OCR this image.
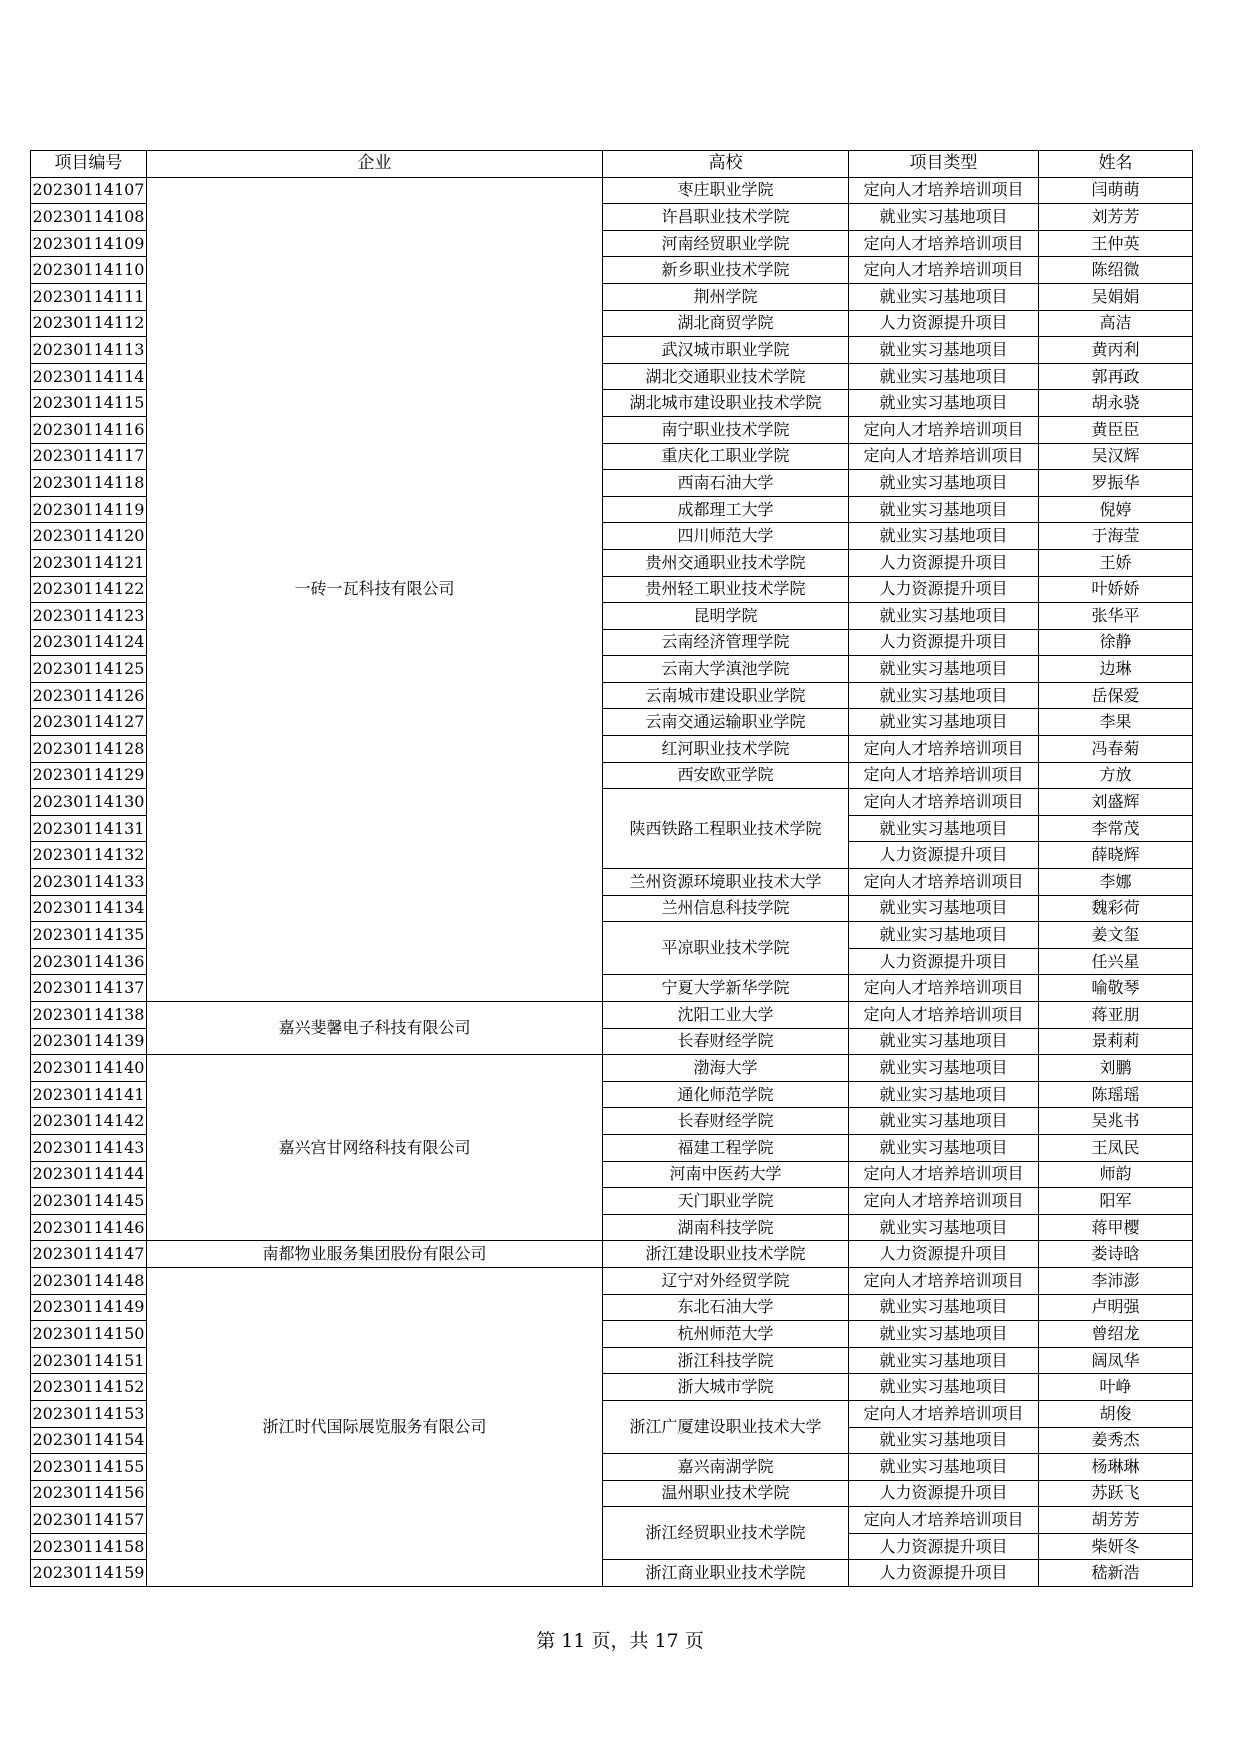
项目编号	企业	高校	项目类型	姓名
20230114107	一砖一瓦科技有限公司	枣庄职业学院	定向人才培养培训项目	闫萌萌
20230114108		许昌职业技术学院	就业实习基地项目	刘芳芳
20230114109		河南经贸职业学院	定向人才培养培训项目	王仲英
20230114110		新乡职业技术学院	定向人才培养培训项目	陈绍微
20230114111		荆州学院	就业实习基地项目	吴娟娟
20230114112		湖北商贸学院	人力资源提升项目	高洁
20230114113		武汉城市职业学院	就业实习基地项目	黄丙利
20230114114		湖北交通职业技术学院	就业实习基地项目	郭再政
20230114115		湖北城市建设职业技术学院	就业实习基地项目	胡永骁
20230114116		南宁职业技术学院	定向人才培养培训项目	黄臣臣
20230114117		重庆化工职业学院	定向人才培养培训项目	吴汉辉
20230114118		西南石油大学	就业实习基地项目	罗振华
20230114119		成都理工大学	就业实习基地项目	倪婷
20230114120		四川师范大学	就业实习基地项目	于海莹
20230114121		贵州交通职业技术学院	人力资源提升项目	王娇
20230114122		贵州轻工职业技术学院	人力资源提升项目	叶娇娇
20230114123		昆明学院	就业实习基地项目	张华平
20230114124		云南经济管理学院	人力资源提升项目	徐静
20230114125		云南大学滇池学院	就业实习基地项目	边琳
20230114126		云南城市建设职业学院	就业实习基地项目	岳保爱
20230114127		云南交通运输职业学院	就业实习基地项目	李果
20230114128		红河职业技术学院	定向人才培养培训项目	冯春菊
20230114129		西安欧亚学院	定向人才培养培训项目	方放
20230114130		陕西铁路工程职业技术学院	定向人才培养培训项目	刘盛辉
20230114131			就业实习基地项目	李常茂
20230114132			人力资源提升项目	薛晓辉
20230114133		兰州资源环境职业技术大学	定向人才培养培训项目	李娜
20230114134		兰州信息科技学院	就业实习基地项目	魏彩荷
20230114135		平凉职业技术学院	就业实习基地项目	姜文玺
20230114136			人力资源提升项目	任兴星
20230114137		宁夏大学新华学院	定向人才培养培训项目	喻敬琴
20230114138	嘉兴斐馨电子科技有限公司	沈阳工业大学	定向人才培养培训项目	蒋亚朋
20230114139		长春财经学院	就业实习基地项目	景莉莉
20230114140	嘉兴宫甘网络科技有限公司	渤海大学	就业实习基地项目	刘鹏
20230114141		通化师范学院	就业实习基地项目	陈瑶瑶
20230114142		长春财经学院	就业实习基地项目	吴兆书
20230114143		福建工程学院	就业实习基地项目	王凤民
20230114144		河南中医药大学	定向人才培养培训项目	师韵
20230114145		天门职业学院	定向人才培养培训项目	阳军
20230114146		湖南科技学院	就业实习基地项目	蒋甲樱
20230114147	南都物业服务集团股份有限公司	浙江建设职业技术学院	人力资源提升项目	娄诗晗
20230114148	浙江时代国际展览服务有限公司	辽宁对外经贸学院	定向人才培养培训项目	李沛澎
20230114149		东北石油大学	就业实习基地项目	卢明强
20230114150		杭州师范大学	就业实习基地项目	曾绍龙
20230114151		浙江科技学院	就业实习基地项目	阔凤华
20230114152		浙大城市学院	就业实习基地项目	叶峥
20230114153		浙江广厦建设职业技术大学	定向人才培养培训项目	胡俊
20230114154			就业实习基地项目	姜秀杰
20230114155		嘉兴南湖学院	就业实习基地项目	杨琳琳
20230114156		温州职业技术学院	人力资源提升项目	苏跃飞
20230114157		浙江经贸职业技术学院	定向人才培养培训项目	胡芳芳
20230114158			人力资源提升项目	柴妍冬
20230114159		浙江商业职业技术学院	人力资源提升项目	嵇新浩
第 11 页，共 17 页
